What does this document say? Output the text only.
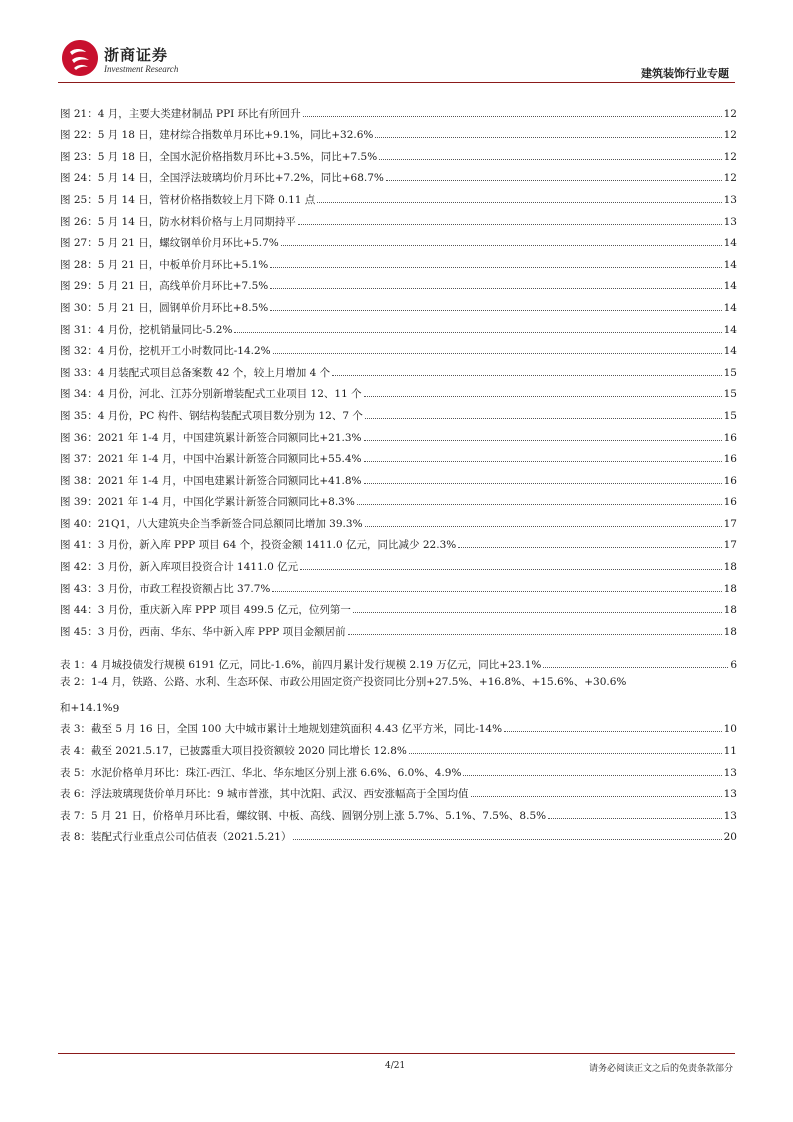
浙商证券
Investment Research	建筑装饰行业专题
图 21：4 月，主要大类建材制品 PPI 环比有所回升	12
图 22：5 月 18 日，建材综合指数单月环比+9.1%，同比+32.6%	12
图 23：5 月 18 日，全国水泥价格指数月环比+3.5%，同比+7.5%	12
图 24：5 月 14 日，全国浮法玻璃均价月环比+7.2%，同比+68.7%	12
图 25：5 月 14 日，管材价格指数较上月下降 0.11 点	13
图 26：5 月 14 日，防水材料价格与上月同期持平	13
图 27：5 月 21 日，螺纹钢单价月环比+5.7%	14
图 28：5 月 21 日，中板单价月环比+5.1%	14
图 29：5 月 21 日，高线单价月环比+7.5%	14
图 30：5 月 21 日，圆钢单价月环比+8.5%	14
图 31：4 月份，挖机销量同比-5.2%	14
图 32：4 月份，挖机开工小时数同比-14.2%	14
图 33：4 月装配式项目总备案数 42 个，较上月增加 4 个	15
图 34：4 月份，河北、江苏分别新增装配式工业项目 12、11 个	15
图 35：4 月份，PC 构件、钢结构装配式项目数分别为 12、7 个	15
图 36：2021 年 1-4 月，中国建筑累计新签合同额同比+21.3%	16
图 37：2021 年 1-4 月，中国中冶累计新签合同额同比+55.4%	16
图 38：2021 年 1-4 月，中国电建累计新签合同额同比+41.8%	16
图 39：2021 年 1-4 月，中国化学累计新签合同额同比+8.3%	16
图 40：21Q1，八大建筑央企当季新签合同总额同比增加 39.3%	17
图 41：3 月份，新入库 PPP 项目 64 个，投资金额 1411.0 亿元，同比减少 22.3%	17
图 42：3 月份，新入库项目投资合计 1411.0 亿元	18
图 43：3 月份，市政工程投资额占比 37.7%	18
图 44：3 月份，重庆新入库 PPP 项目 499.5 亿元，位列第一	18
图 45：3 月份，西南、华东、华中新入库 PPP 项目金额居前	18
表 1：4 月城投债发行规模 6191 亿元，同比-1.6%，前四月累计发行规模 2.19 万亿元，同比+23.1%	6
表 2：1-4 月，铁路、公路、水利、生态环保、市政公用固定资产投资同比分别+27.5%、+16.8%、+15.6%、+30.6%
和+14.1% 9
表 3：截至 5 月 16 日，全国 100 大中城市累计土地规划建筑面积 4.43 亿平方米，同比-14%	10
表 4：截至 2021.5.17，已披露重大项目投资额较 2020 同比增长 12.8%	11
表 5：水泥价格单月环比：珠江-西江、华北、华东地区分别上涨 6.6%、6.0%、4.9%	13
表 6：浮法玻璃现货价单月环比：9 城市普涨，其中沈阳、武汉、西安涨幅高于全国均值	13
表 7：5 月 21 日，价格单月环比看，螺纹钢、中板、高线、圆钢分别上涨 5.7%、5.1%、7.5%、8.5%	13
表 8：装配式行业重点公司估值表（2021.5.21）	20
4/21	请务必阅读正文之后的免责条款部分
